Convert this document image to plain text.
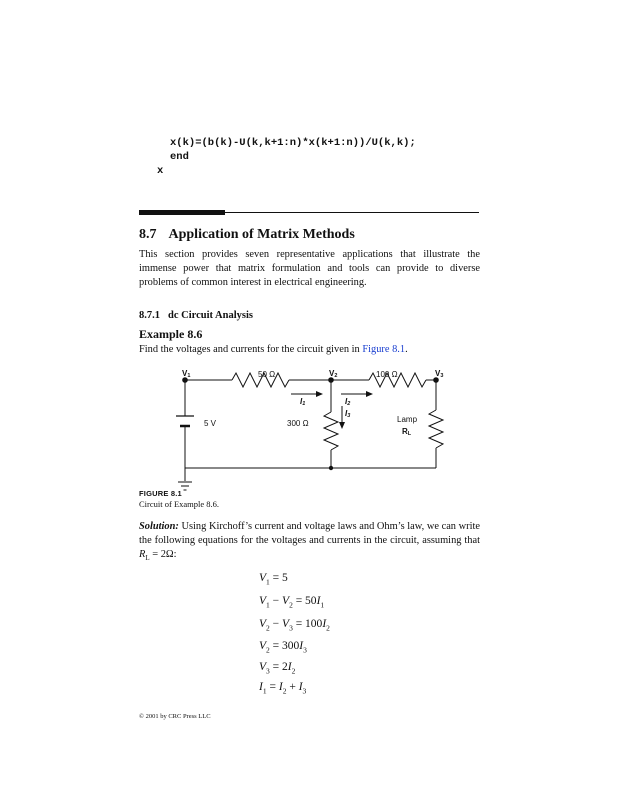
x(k)=(b(k)-U(k,k+1:n)*x(k+1:n))/U(k,k);
end
x
8.7 Application of Matrix Methods
This section provides seven representative applications that illustrate the immense power that matrix formulation and tools can provide to diverse problems of common interest in electrical engineering.
8.7.1 dc Circuit Analysis
Example 8.6
Find the voltages and currents for the circuit given in Figure 8.1.
V1	V2	V3
50 Ω	100 Ω
300 Ω
5 V	Lamp
RL
I1	I2
I3
FIGURE 8.1
Circuit of Example 8.6.
Solution: Using Kirchoff’s current and voltage laws and Ohm’s law, we can write the following equations for the voltages and currents in the circuit, assuming that $R_L = 2\Omega$:
$V_1 = 5$
$V_1 - V_2 = 50I_1$
$V_2 - V_3 = 100I_2$
$V_2 = 300I_3$
$V_3 = 2I_2$
$I_1 = I_2 + I_3$
© 2001 by CRC Press LLC
